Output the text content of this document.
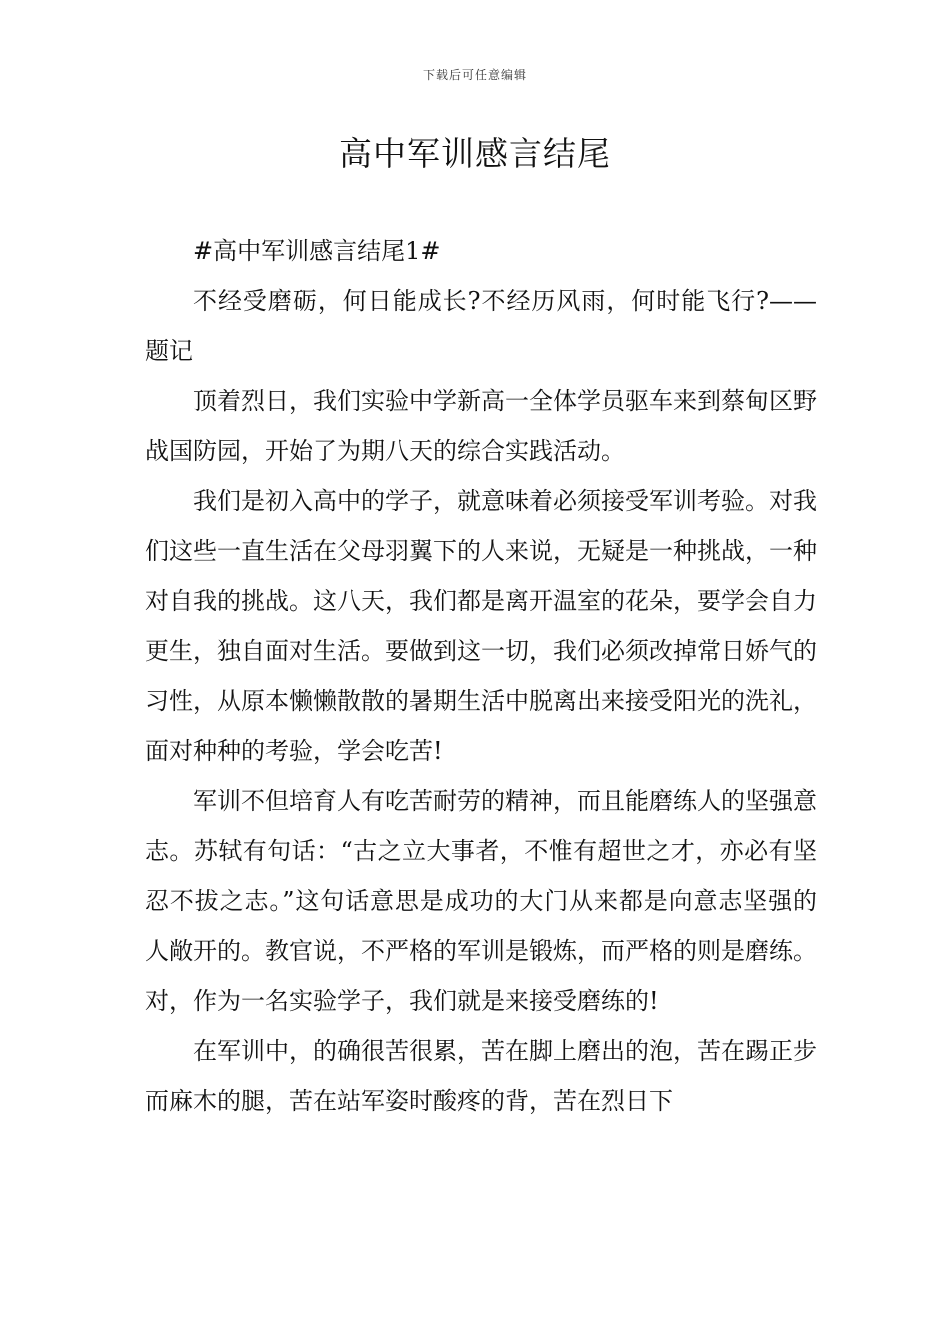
下载后可任意编辑
高中军训感言结尾

#高中军训感言结尾1#

不经受磨砺，何日能成长?不经历风雨，何时能飞行?——题记

顶着烈日，我们实验中学新高一全体学员驱车来到蔡甸区野战国防园，开始了为期八天的综合实践活动。

我们是初入高中的学子，就意味着必须接受军训考验。对我们这些一直生活在父母羽翼下的人来说，无疑是一种挑战，一种对自我的挑战。这八天，我们都是离开温室的花朵，要学会自力更生，独自面对生活。要做到这一切，我们必须改掉常日娇气的习性，从原本懒懒散散的暑期生活中脱离出来接受阳光的洗礼，面对种种的考验，学会吃苦!

军训不但培育人有吃苦耐劳的精神，而且能磨练人的坚强意志。苏轼有句话：“古之立大事者，不惟有超世之才，亦必有坚忍不拔之志。”这句话意思是成功的大门从来都是向意志坚强的人敞开的。教官说，不严格的军训是锻炼，而严格的则是磨练。对，作为一名实验学子，我们就是来接受磨练的!

在军训中，的确很苦很累，苦在脚上磨出的泡，苦在踢正步而麻木的腿，苦在站军姿时酸疼的背，苦在烈日下
